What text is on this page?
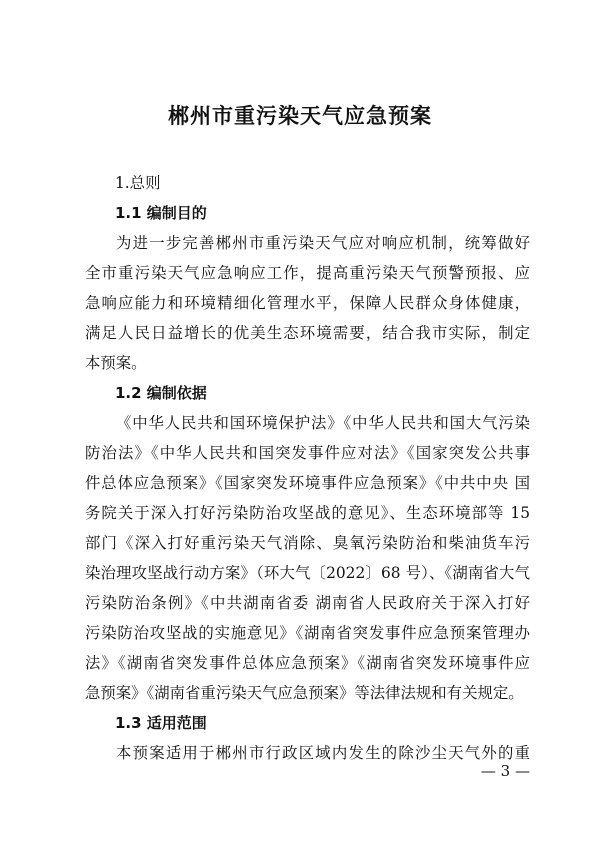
郴州市重污染天气应急预案
1.总则
1.1 编制目的
为进一步完善郴州市重污染天气应对响应机制，统筹做好
全市重污染天气应急响应工作，提高重污染天气预警预报、应
急响应能力和环境精细化管理水平，保障人民群众身体健康，
满足人民日益增长的优美生态环境需要，结合我市实际，制定
本预案。
1.2 编制依据
《中华人民共和国环境保护法》《中华人民共和国大气污染
防治法》《中华人民共和国突发事件应对法》《国家突发公共事
件总体应急预案》《国家突发环境事件应急预案》《中共中央 国
务院关于深入打好污染防治攻坚战的意见》、生态环境部等 15
部门《深入打好重污染天气消除、臭氧污染防治和柴油货车污
染治理攻坚战行动方案》（环大气〔2022〕68 号）、《湖南省大气
污染防治条例》《中共湖南省委 湖南省人民政府关于深入打好
污染防治攻坚战的实施意见》《湖南省突发事件应急预案管理办
法》《湖南省突发事件总体应急预案》《湖南省突发环境事件应
急预案》《湖南省重污染天气应急预案》等法律法规和有关规定。
1.3 适用范围
本预案适用于郴州市行政区域内发生的除沙尘天气外的重
— 3 —
